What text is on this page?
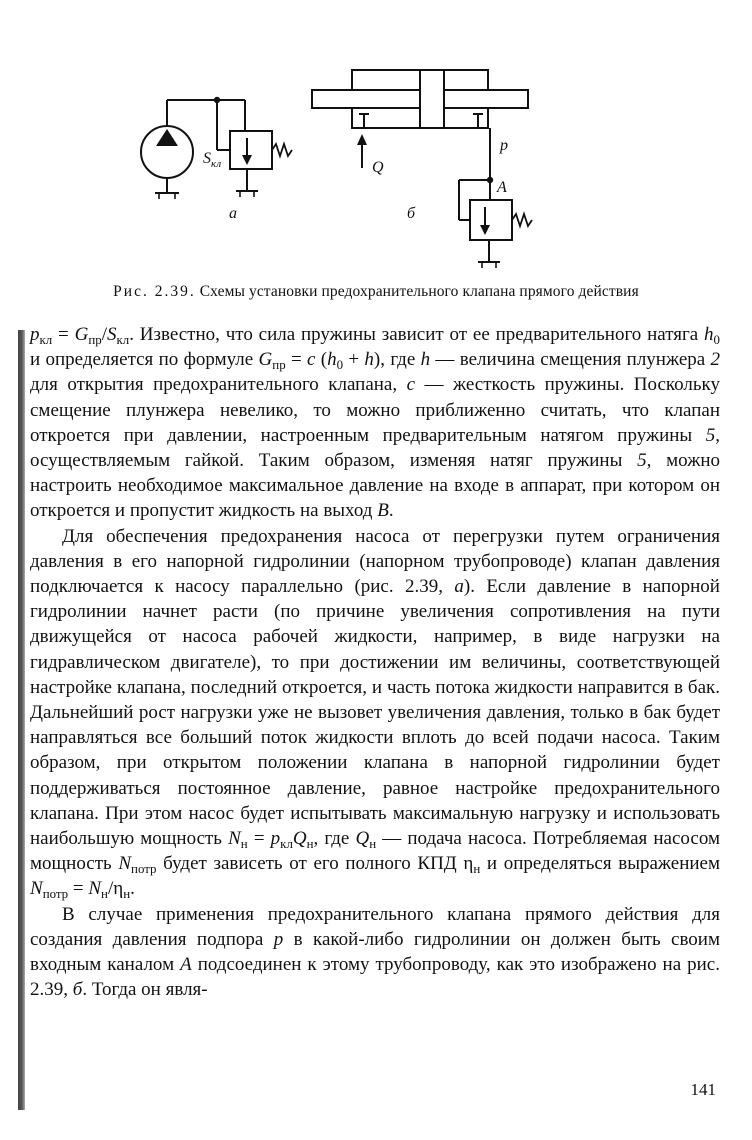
$S_{кл}$	Q
p
A
а	б
Рис. 2.39. Схемы установки предохранительного клапана прямого действия

$p_{кл} = G_{пр}/S_{кл}$. Известно, что сила пружины зависит от ее предварительного натяга $h_0$ и определяется по формуле $G_{пр} = c$ $(h_0 + h)$, где h — величина смещения плунжера 2 для открытия предохранительного клапана, с — жесткость пружины. Поскольку смещение плунжера невелико, то можно приближенно считать, что клапан откроется при давлении, настроенным предварительным натягом пружины 5, осуществляемым гайкой. Таким образом, изменяя натяг пружины 5, можно настроить необходимое максимальное давление на входе в аппарат, при котором он откроется и пропустит жидкость на выход В.

Для обеспечения предохранения насоса от перегрузки путем ограничения давления в его напорной гидролинии (напорном трубопроводе) клапан давления подключается к насосу параллельно (рис. 2.39, а). Если давление в напорной гидролинии начнет расти (по причине увеличения сопротивления на пути движущейся от насоса рабочей жидкости, например, в виде нагрузки на гидравлическом двигателе), то при достижении им величины, соответствующей настройке клапана, последний откроется, и часть потока жидкости направится в бак. Дальнейший рост нагрузки уже не вызовет увеличения давления, только в бак будет направляться все больший поток жидкости вплоть до всей подачи насоса. Таким образом, при открытом положении клапана в напорной гидролинии будет поддерживаться постоянное давление, равное настройке предохранительного клапана. При этом насос будет испытывать максимальную нагрузку и использовать наибольшую мощность $N_н = p_{кл}Q_н$, где $Q_н$ — подача насоса. Потребляемая насосом мощность $N_{потр}$ будет зависеть от его полного КПД $\eta_н$ и определяться выражением $N_{потр} = N_н/\eta_н$.

В случае применения предохранительного клапана прямого действия для создания давления подпора р в какой-либо гидролинии он должен быть своим входным каналом А подсоединен к этому трубопроводу, как это изображено на рис. 2.39, б. Тогда он явля-

141
